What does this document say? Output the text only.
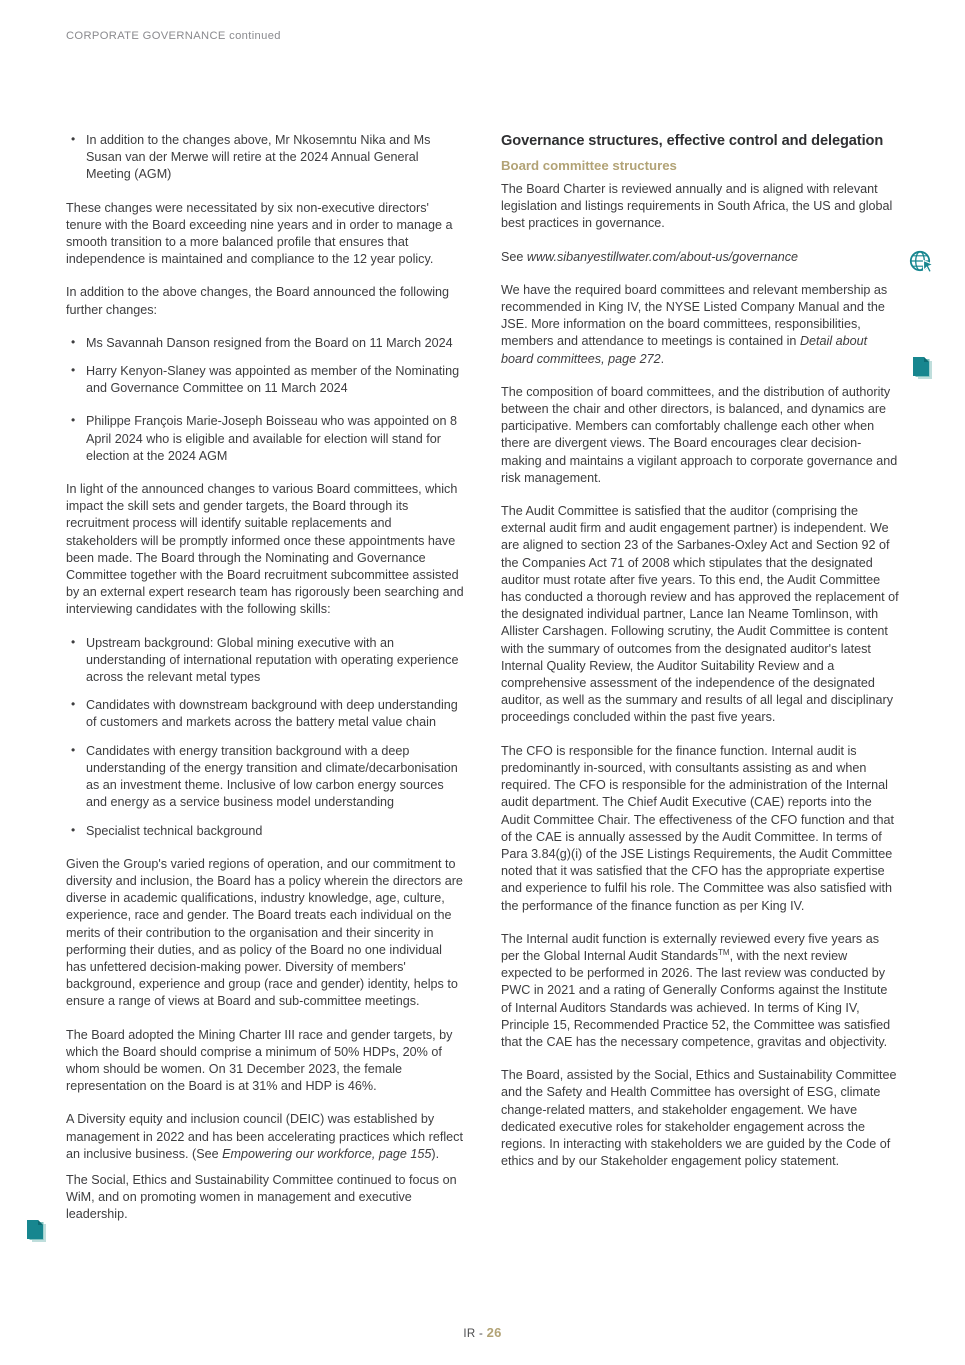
CORPORATE GOVERNANCE continued
• In addition to the changes above, Mr Nkosemntu Nika and Ms Susan van der Merwe will retire at the 2024 Annual General Meeting (AGM)

These changes were necessitated by six non-executive directors' tenure with the Board exceeding nine years and in order to manage a smooth transition to a more balanced profile that ensures that independence is maintained and compliance to the 12 year policy.

In addition to the above changes, the Board announced the following further changes:

• Ms Savannah Danson resigned from the Board on 11 March 2024
• Harry Kenyon-Slaney was appointed as member of the Nominating and Governance Committee on 11 March 2024
• Philippe François Marie-Joseph Boisseau who was appointed on 8 April 2024 who is eligible and available for election will stand for election at the 2024 AGM

In light of the announced changes to various Board committees, which impact the skill sets and gender targets, the Board through its recruitment process will identify suitable replacements and stakeholders will be promptly informed once these appointments have been made. The Board through the Nominating and Governance Committee together with the Board recruitment subcommittee assisted by an external expert research team has rigorously been searching and interviewing candidates with the following skills:

• Upstream background: Global mining executive with an understanding of international reputation with operating experience across the relevant metal types
• Candidates with downstream background with deep understanding of customers and markets across the battery metal value chain
• Candidates with energy transition background with a deep understanding of the energy transition and climate/decarbonisation as an investment theme. Inclusive of low carbon energy sources and energy as a service business model understanding
• Specialist technical background

Given the Group's varied regions of operation, and our commitment to diversity and inclusion, the Board has a policy wherein the directors are diverse in academic qualifications, industry knowledge, age, culture, experience, race and gender. The Board treats each individual on the merits of their contribution to the organisation and their sincerity in performing their duties, and as policy of the Board no one individual has unfettered decision-making power. Diversity of members' background, experience and group (race and gender) identity, helps to ensure a range of views at Board and sub-committee meetings.

The Board adopted the Mining Charter III race and gender targets, by which the Board should comprise a minimum of 50% HDPs, 20% of whom should be women. On 31 December 2023, the female representation on the Board is at 31% and HDP is 46%.

A Diversity equity and inclusion council (DEIC) was established by management in 2022 and has been accelerating practices which reflect an inclusive business. (See Empowering our workforce, page 155).

The Social, Ethics and Sustainability Committee continued to focus on WiM, and on promoting women in management and executive leadership.

Governance structures, effective control and delegation
Board committee structures

The Board Charter is reviewed annually and is aligned with relevant legislation and listings requirements in South Africa, the US and global best practices in governance.

See www.sibanyestillwater.com/about-us/governance

We have the required board committees and relevant membership as recommended in King IV, the NYSE Listed Company Manual and the JSE. More information on the board committees, responsibilities, members and attendance to meetings is contained in Detail about board committees, page 272.

The composition of board committees, and the distribution of authority between the chair and other directors, is balanced, and dynamics are participative. Members can comfortably challenge each other when there are divergent views. The Board encourages clear decision-making and maintains a vigilant approach to corporate governance and risk management.

The Audit Committee is satisfied that the auditor (comprising the external audit firm and audit engagement partner) is independent. We are aligned to section 23 of the Sarbanes-Oxley Act and Section 92 of the Companies Act 71 of 2008 which stipulates that the designated auditor must rotate after five years. To this end, the Audit Committee has conducted a thorough review and has approved the replacement of the designated individual partner, Lance Ian Neame Tomlinson, with Allister Carshagen. Following scrutiny, the Audit Committee is content with the summary of outcomes from the designated auditor's latest Internal Quality Review, the Auditor Suitability Review and a comprehensive assessment of the independence of the designated auditor, as well as the summary and results of all legal and disciplinary proceedings concluded within the past five years.

The CFO is responsible for the finance function. Internal audit is predominantly in-sourced, with consultants assisting as and when required. The CFO is responsible for the administration of the Internal audit department. The Chief Audit Executive (CAE) reports into the Audit Committee Chair. The effectiveness of the CFO function and that of the CAE is annually assessed by the Audit Committee. In terms of Para 3.84(g)(i) of the JSE Listings Requirements, the Audit Committee noted that it was satisfied that the CFO has the appropriate expertise and experience to fulfil his role. The Committee was also satisfied with the performance of the finance function as per King IV.

The Internal audit function is externally reviewed every five years as per the Global Internal Audit Standards™, with the next review expected to be performed in 2026. The last review was conducted by PWC in 2021 and a rating of Generally Conforms against the Institute of Internal Auditors Standards was achieved. In terms of King IV, Principle 15, Recommended Practice 52, the Committee was satisfied that the CAE has the necessary competence, gravitas and objectivity.

The Board, assisted by the Social, Ethics and Sustainability Committee and the Safety and Health Committee has oversight of ESG, climate change-related matters, and stakeholder engagement. We have dedicated executive roles for stakeholder engagement across the regions. In interacting with stakeholders we are guided by the Code of ethics and by our Stakeholder engagement policy statement.

IR - 26
